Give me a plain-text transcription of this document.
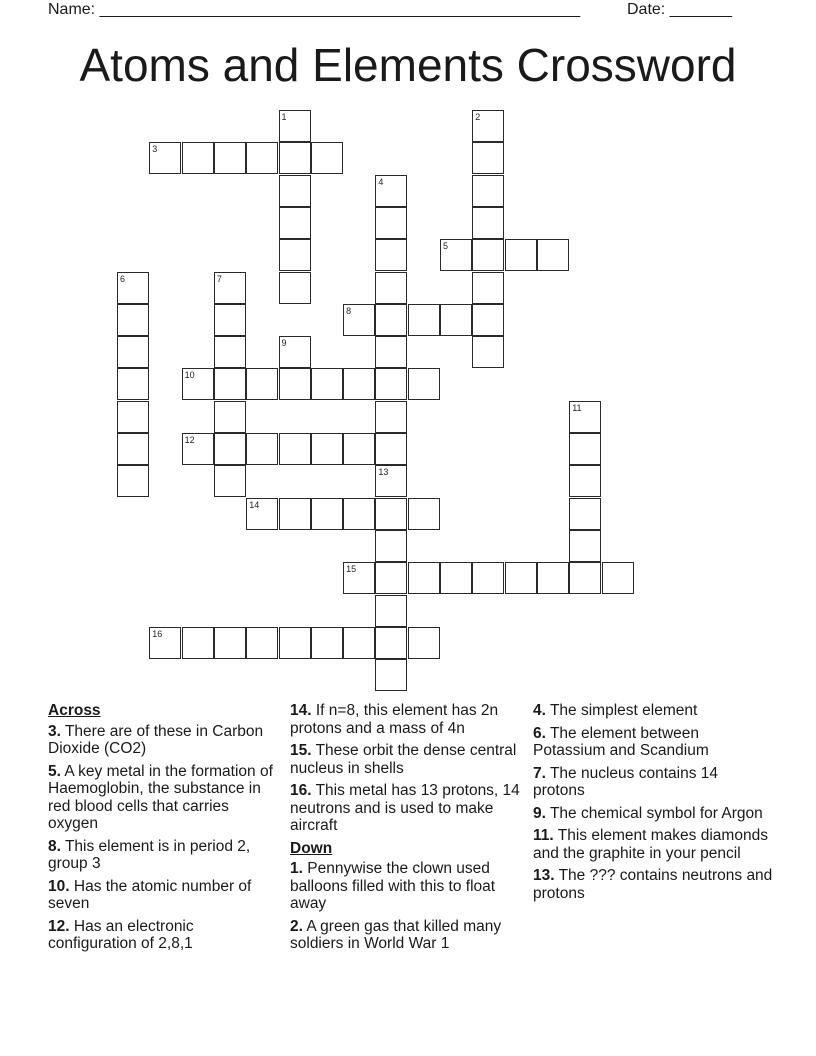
Name: ______________________________________________________	Date: _______
Atoms and Elements Crossword
1	2
3
4
5
6	7
8
9
10
11
12
13
14
15
16
Across
3. There are of these in Carbon Dioxide (CO2)
5. A key metal in the formation of Haemoglobin, the substance in red blood cells that carries oxygen
8. This element is in period 2, group 3
10. Has the atomic number of seven
12. Has an electronic configuration of 2,8,1
14. If n=8, this element has 2n protons and a mass of 4n
15. These orbit the dense central nucleus in shells
16. This metal has 13 protons, 14 neutrons and is used to make aircraft
Down
1. Pennywise the clown used balloons filled with this to float away
2. A green gas that killed many soldiers in World War 1
4. The simplest element
6. The element between Potassium and Scandium
7. The nucleus contains 14 protons
9. The chemical symbol for Argon
11. This element makes diamonds and the graphite in your pencil
13. The ??? contains neutrons and protons
